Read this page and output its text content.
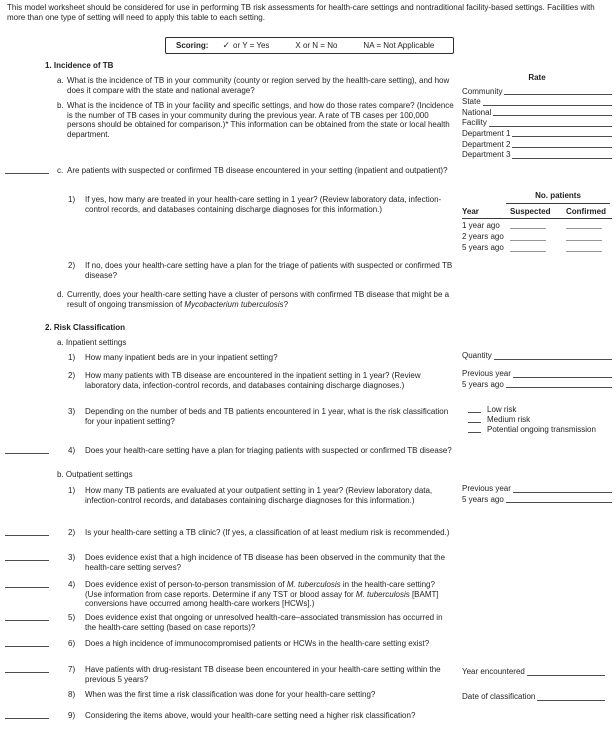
This model worksheet should be considered for use in performing TB risk assessments for health-care settings and nontraditional facility-based settings. Facilities with more than one type of setting will need to apply this table to each setting.
Scoring: ✓ or Y = Yes	X or N = No	NA = Not Applicable
1. Incidence of TB
a. What is the incidence of TB in your community (county or region served by the health-care setting), and how does it compare with the state and national average?
b. What is the incidence of TB in your facility and specific settings, and how do those rates compare? (Incidence is the number of TB cases in your community during the previous year. A rate of TB cases per 100,000 persons should be obtained for comparison.)* This information can be obtained from the state or local health department.
c. Are patients with suspected or confirmed TB disease encountered in your setting (inpatient and outpatient)?
1)	If yes, how many are treated in your health-care setting in 1 year? (Review laboratory data, infection-control records, and databases containing discharge diagnoses for this information.)
2)	If no, does your health-care setting have a plan for the triage of patients with suspected or confirmed TB disease?
d. Currently, does your health-care setting have a cluster of persons with confirmed TB disease that might be a result of ongoing transmission of Mycobacterium tuberculosis?
Rate
Community
State
National
Facility
Department 1
Department 2
Department 3
No. patients
Year	Suspected	Confirmed
1 year ago
2 years ago
5 years ago
2. Risk Classification
a. Inpatient settings
1)	How many inpatient beds are in your inpatient setting?
2)	How many patients with TB disease are encountered in the inpatient setting in 1 year? (Review laboratory data, infection-control records, and databases containing discharge diagnoses.)
3)	Depending on the number of beds and TB patients encountered in 1 year, what is the risk classification for your inpatient setting?
4)	Does your health-care setting have a plan for triaging patients with suspected or confirmed TB disease?
b. Outpatient settings
1)	How many TB patients are evaluated at your outpatient setting in 1 year? (Review laboratory data, infection-control records, and databases containing discharge diagnoses for this information.)
2)	Is your health-care setting a TB clinic? (If yes, a classification of at least medium risk is recommended.)
3)	Does evidence exist that a high incidence of TB disease has been observed in the community that the health-care setting serves?
4)	Does evidence exist of person-to-person transmission of M. tuberculosis in the health-care setting? (Use information from case reports. Determine if any TST or blood assay for M. tuberculosis [BAMT] conversions have occurred among health-care workers [HCWs].)
5)	Does evidence exist that ongoing or unresolved health-care–associated transmission has occurred in the health-care setting (based on case reports)?
6)	Does a high incidence of immunocompromised patients or HCWs in the health-care setting exist?
7)	Have patients with drug-resistant TB disease been encountered in your health-care setting within the previous 5 years?
8)	When was the first time a risk classification was done for your health-care setting?
9)	Considering the items above, would your health-care setting need a higher risk classification?
Quantity
Previous year
5 years ago
Low risk
Medium risk
Potential ongoing transmission
Previous year
5 years ago
Year encountered
Date of classification
